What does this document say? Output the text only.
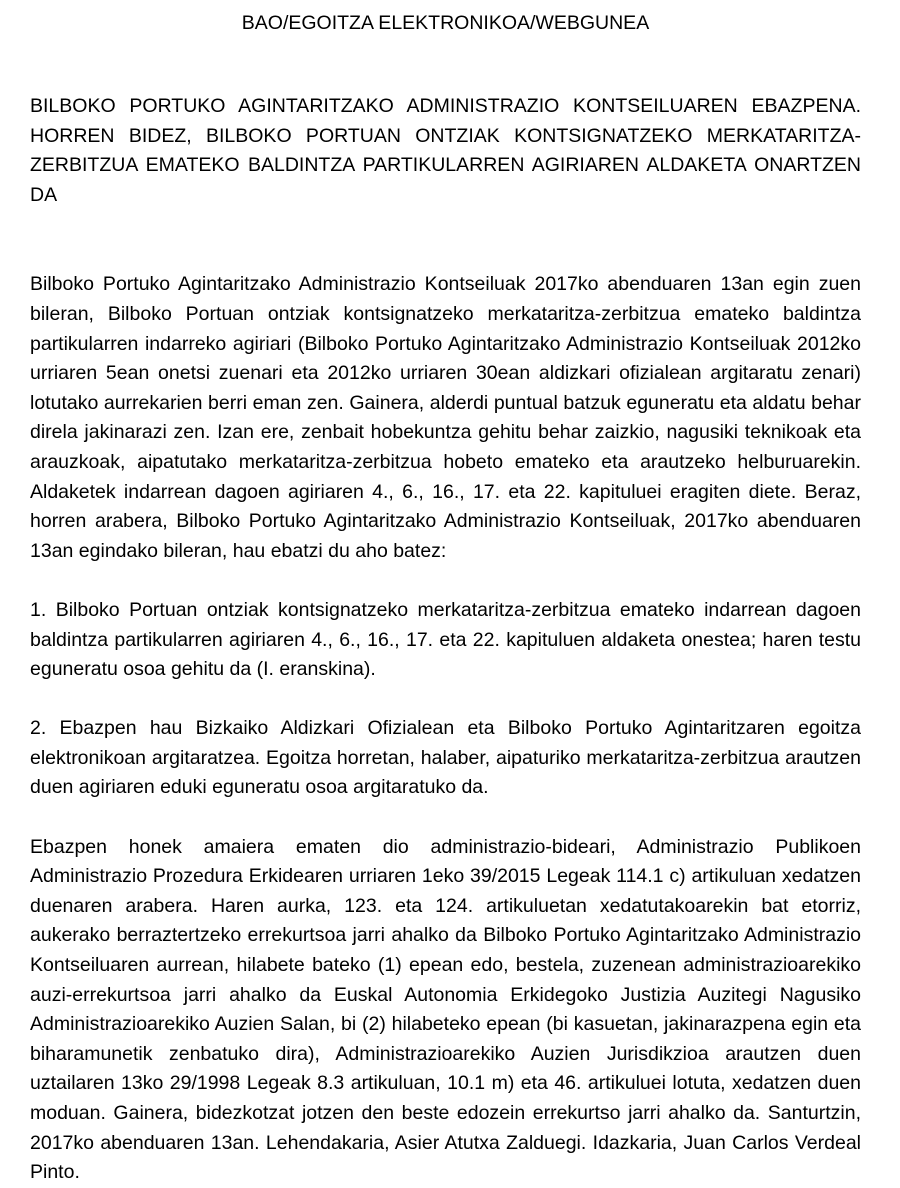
BAO/EGOITZA ELEKTRONIKOA/WEBGUNEA
BILBOKO PORTUKO AGINTARITZAKO ADMINISTRAZIO KONTSEILUAREN EBAZPENA. HORREN BIDEZ, BILBOKO PORTUAN ONTZIAK KONTSIGNATZEKO MERKATARITZA-ZERBITZUA EMATEKO BALDINTZA PARTIKULARREN AGIRIAREN ALDAKETA ONARTZEN DA

Bilboko Portuko Agintaritzako Administrazio Kontseiluak 2017ko abenduaren 13an egin zuen bileran, Bilboko Portuan ontziak kontsignatzeko merkataritza-zerbitzua emateko baldintza partikularren indarreko agiriari (Bilboko Portuko Agintaritzako Administrazio Kontseiluak 2012ko urriaren 5ean onetsi zuenari eta 2012ko urriaren 30ean aldizkari ofizialean argitaratu zenari) lotutako aurrekarien berri eman zen. Gainera, alderdi puntual batzuk eguneratu eta aldatu behar direla jakinarazi zen. Izan ere, zenbait hobekuntza gehitu behar zaizkio, nagusiki teknikoak eta arauzkoak, aipatutako merkataritza-zerbitzua hobeto emateko eta arautzeko helburuarekin. Aldaketek indarrean dagoen agiriaren 4., 6., 16., 17. eta 22. kapituluei eragiten diete. Beraz, horren arabera, Bilboko Portuko Agintaritzako Administrazio Kontseiluak, 2017ko abenduaren 13an egindako bileran, hau ebatzi du aho batez:

1. Bilboko Portuan ontziak kontsignatzeko merkataritza-zerbitzua emateko indarrean dagoen baldintza partikularren agiriaren 4., 6., 16., 17. eta 22. kapituluen aldaketa onestea; haren testu eguneratu osoa gehitu da (I. eranskina).

2. Ebazpen hau Bizkaiko Aldizkari Ofizialean eta Bilboko Portuko Agintaritzaren egoitza elektronikoan argitaratzea. Egoitza horretan, halaber, aipaturiko merkataritza-zerbitzua arautzen duen agiriaren eduki eguneratu osoa argitaratuko da.

Ebazpen honek amaiera ematen dio administrazio-bideari, Administrazio Publikoen Administrazio Prozedura Erkidearen urriaren 1eko 39/2015 Legeak 114.1 c) artikuluan xedatzen duenaren arabera. Haren aurka, 123. eta 124. artikuluetan xedatutakoarekin bat etorriz, aukerako berraztertzeko errekurtsoa jarri ahalko da Bilboko Portuko Agintaritzako Administrazio Kontseiluaren aurrean, hilabete bateko (1) epean edo, bestela, zuzenean administrazioarekiko auzi-errekurtsoa jarri ahalko da Euskal Autonomia Erkidegoko Justizia Auzitegi Nagusiko Administrazioarekiko Auzien Salan, bi (2) hilabeteko epean (bi kasuetan, jakinarazpena egin eta biharamunetik zenbatuko dira), Administrazioarekiko Auzien Jurisdikzioa arautzen duen uztailaren 13ko 29/1998 Legeak 8.3 artikuluan, 10.1 m) eta 46. artikuluei lotuta, xedatzen duen moduan. Gainera, bidezkotzat jotzen den beste edozein errekurtso jarri ahalko da. Santurtzin, 2017ko abenduaren 13an. Lehendakaria, Asier Atutxa Zalduegi. Idazkaria, Juan Carlos Verdeal Pinto.
